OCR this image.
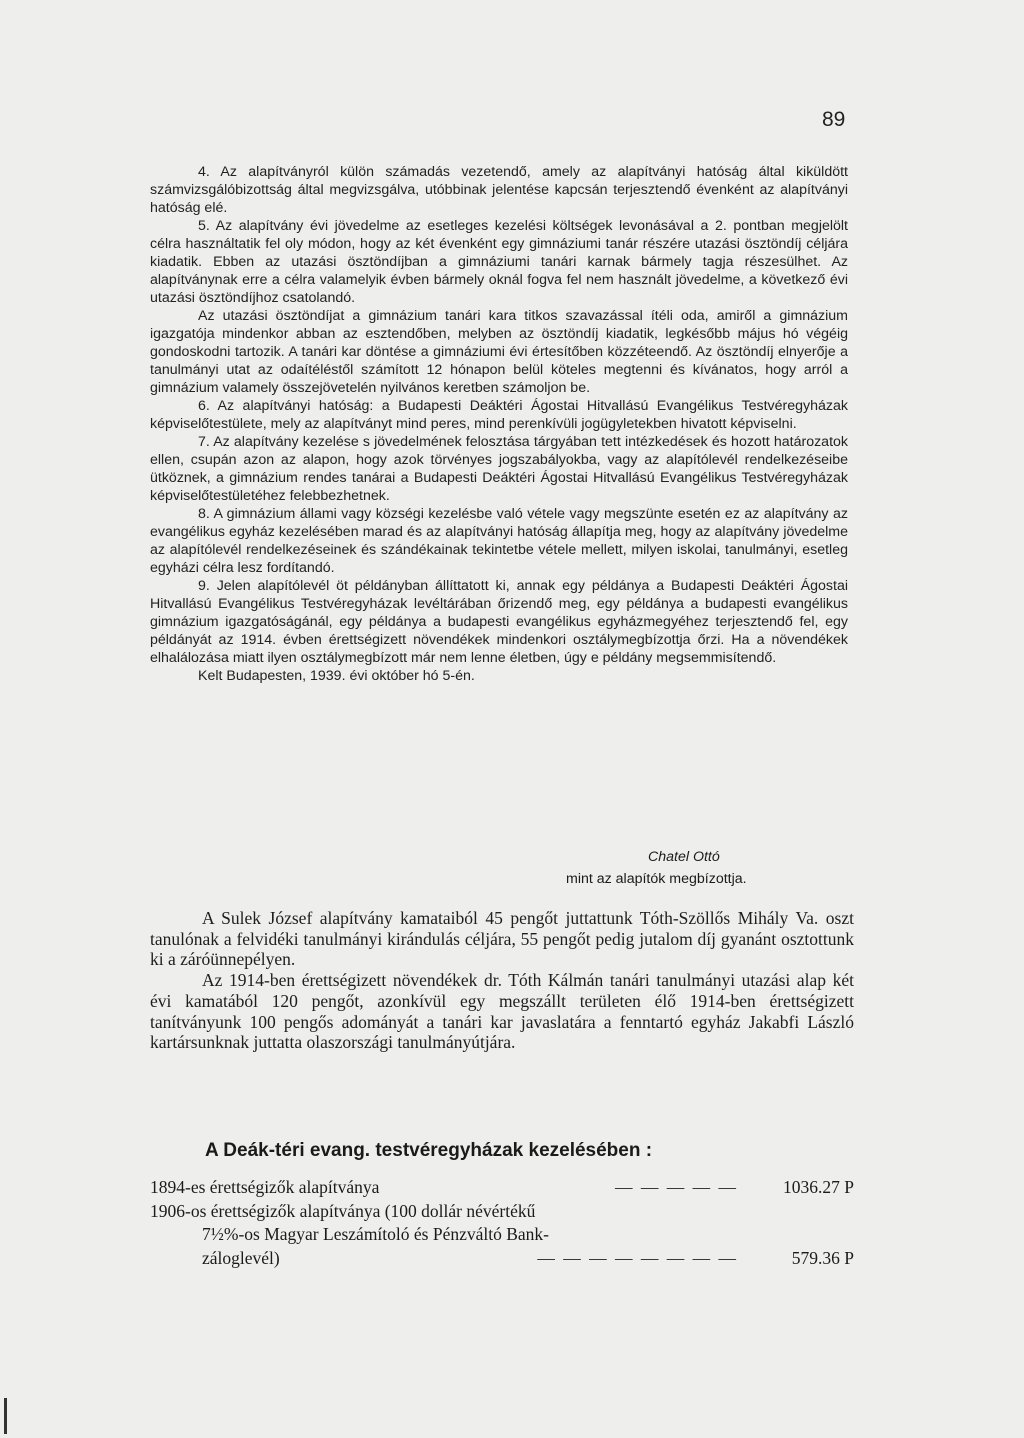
89

4. Az alapítványról külön számadás vezetendő, amely az alapítványi hatóság által kiküldött számvizsgálóbizottság által megvizsgálva, utóbbinak jelentése kapcsán terjesztendő évenként az alapítványi hatóság elé.

5. Az alapítvány évi jövedelme az esetleges kezelési költségek levonásával a 2. pontban megjelölt célra használtatik fel oly módon, hogy az két évenként egy gimnáziumi tanár részére utazási ösztöndíj céljára kiadatik. Ebben az utazási ösztöndíjban a gimnáziumi tanári karnak bármely tagja részesülhet. Az alapítványnak erre a célra valamelyik évben bármely oknál fogva fel nem használt jövedelme, a következő évi utazási ösztöndíjhoz csatolandó.

Az utazási ösztöndíjat a gimnázium tanári kara titkos szavazással ítéli oda, amiről a gimnázium igazgatója mindenkor abban az esztendőben, melyben az ösztöndíj kiadatik, legkésőbb május hó végéig gondoskodni tartozik. A tanári kar döntése a gimnáziumi évi értesítőben közzéteendő. Az ösztöndíj elnyerője a tanulmányi utat az odaítéléstől számított 12 hónapon belül köteles megtenni és kívánatos, hogy arról a gimnázium valamely összejövetelén nyilvános keretben számoljon be.

6. Az alapítványi hatóság: a Budapesti Deáktéri Ágostai Hitvallású Evangélikus Testvéregyházak képviselőtestülete, mely az alapítványt mind peres, mind perenkívüli jogügyletekben hivatott képviselni.

7. Az alapítvány kezelése s jövedelmének felosztása tárgyában tett intézkedések és hozott határozatok ellen, csupán azon az alapon, hogy azok törvényes jogszabályokba, vagy az alapítólevél rendelkezéseibe ütköznek, a gimnázium rendes tanárai a Budapesti Deáktéri Ágostai Hitvallású Evangélikus Testvéregyházak képviselőtestületéhez felebbezhetnek.

8. A gimnázium állami vagy községi kezelésbe való vétele vagy megszünte esetén ez az alapítvány az evangélikus egyház kezelésében marad és az alapítványi hatóság állapítja meg, hogy az alapítvány jövedelme az alapítólevél rendelkezéseinek és szándékainak tekintetbe vétele mellett, milyen iskolai, tanulmányi, esetleg egyházi célra lesz fordítandó.

9. Jelen alapítólevél öt példányban állíttatott ki, annak egy példánya a Budapesti Deáktéri Ágostai Hitvallású Evangélikus Testvéregyházak levéltárában őrizendő meg, egy példánya a budapesti evangélikus gimnázium igazgatóságánál, egy példánya a budapesti evangélikus egyházmegyéhez terjesztendő fel, egy példányát az 1914. évben érettségizett növendékek mindenkori osztálymegbízottja őrzi. Ha a növendékek elhalálozása miatt ilyen osztálymegbízott már nem lenne életben, úgy e példány megsemmisítendő.

Kelt Budapesten, 1939. évi október hó 5-én.

Chatel Ottó
mint az alapítók megbízottja.

A Sulek József alapítvány kamataiból 45 pengőt juttattunk Tóth-Szöllős Mihály Va. oszt tanulónak a felvidéki tanulmányi kirándulás céljára, 55 pengőt pedig jutalom díj gyanánt osztottunk ki a záróünnepélyen.

Az 1914-ben érettségizett növendékek dr. Tóth Kálmán tanári tanulmányi utazási alap két évi kamatából 120 pengőt, azonkívül egy megszállt területen élő 1914-ben érettségizett tanítványunk 100 pengős adományát a tanári kar javaslatára a fenntartó egyház Jakabfi László kartársunknak juttatta olaszországi tanulmányútjára.

A Deák-téri evang. testvéregyházak kezelésében :
1894-es érettségizők alapítványa	— — — — —	1036.27 P
1906-os érettségizők alapítványa (100 dollár névértékű
7½%-os Magyar Leszámítoló és Pénzváltó Bank-
záloglevél)	— — — — — — — —	579.36 P
